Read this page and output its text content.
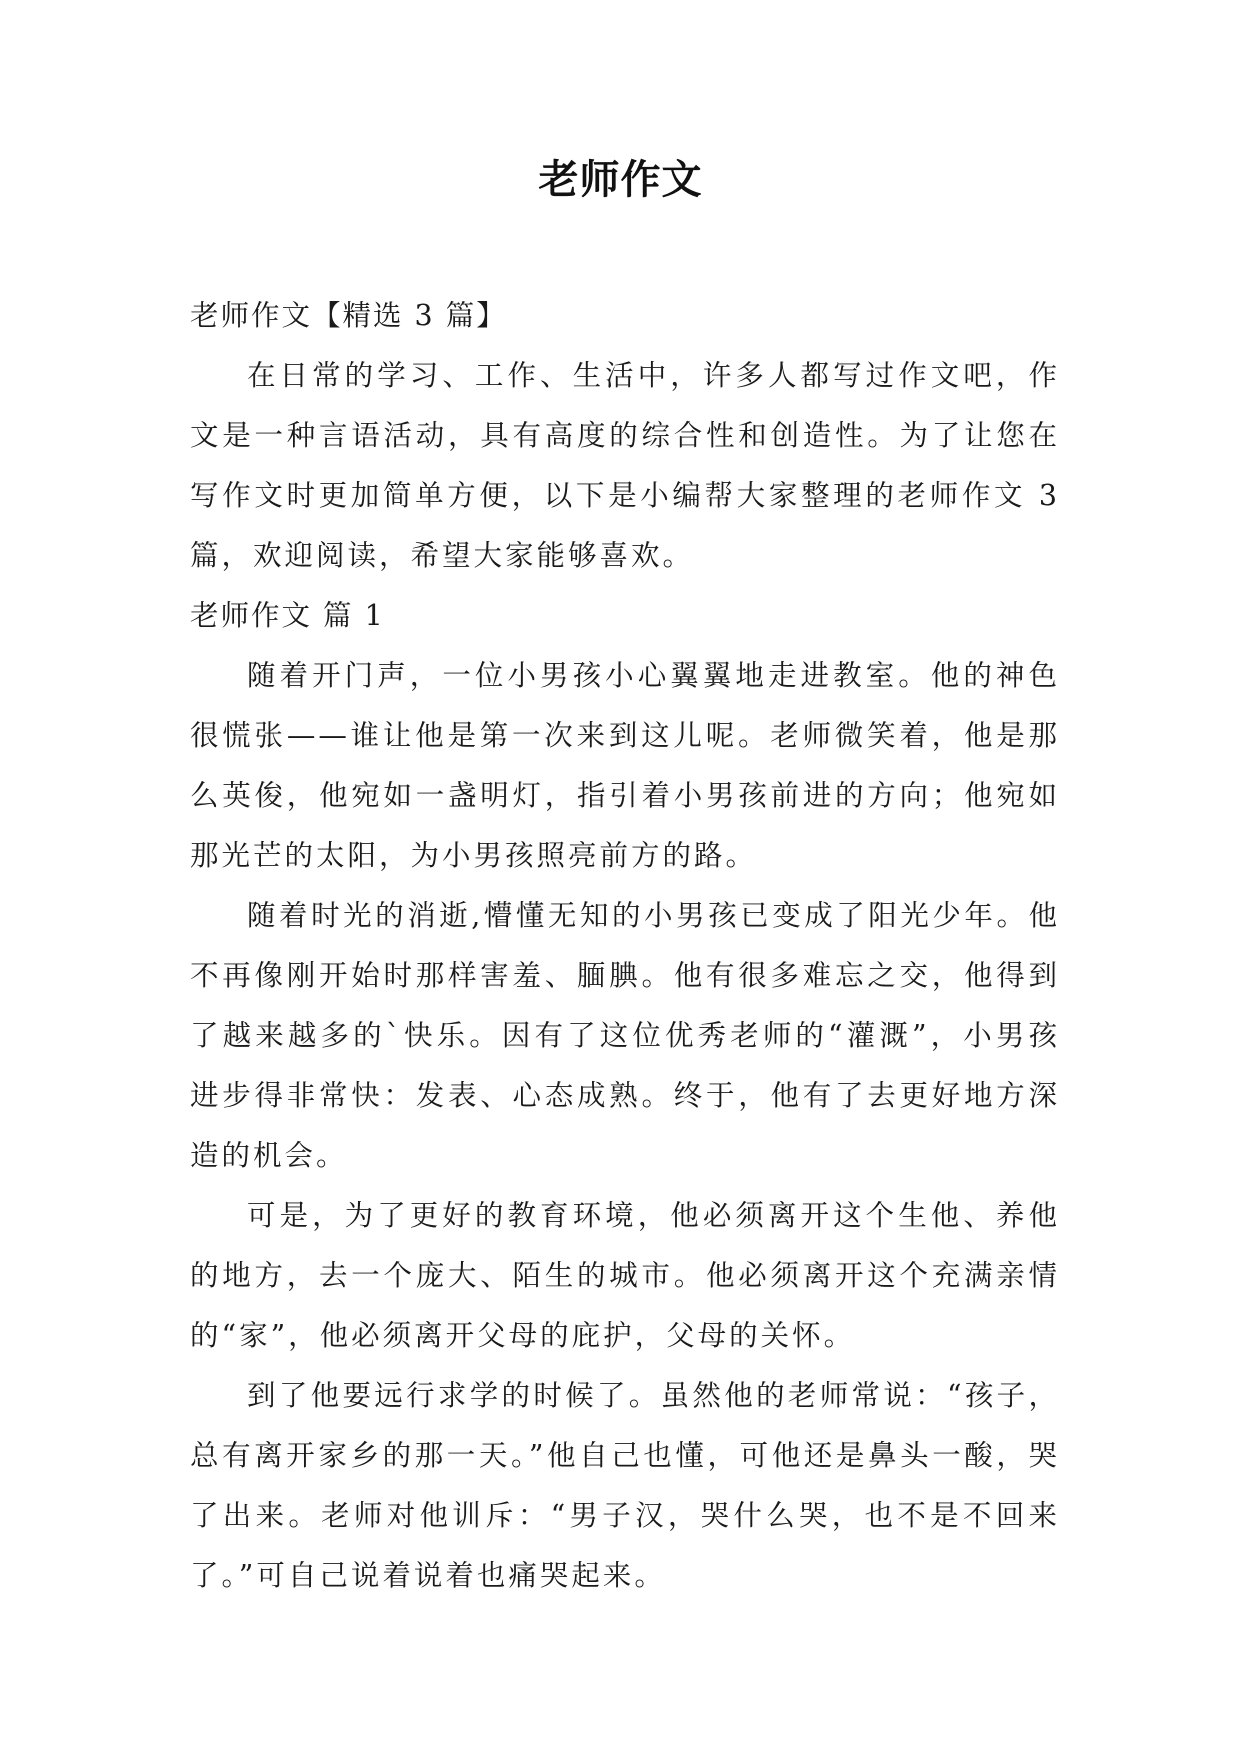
老师作文

老师作文【精选 3 篇】

在日常的学习、工作、生活中，许多人都写过作文吧，作文是一种言语活动，具有高度的综合性和创造性。为了让您在写作文时更加简单方便，以下是小编帮大家整理的老师作文 3 篇，欢迎阅读，希望大家能够喜欢。

老师作文 篇 1

随着开门声，一位小男孩小心翼翼地走进教室。他的神色很慌张——谁让他是第一次来到这儿呢。老师微笑着，他是那么英俊，他宛如一盏明灯，指引着小男孩前进的方向；他宛如那光芒的太阳，为小男孩照亮前方的路。

随着时光的消逝,懵懂无知的小男孩已变成了阳光少年。他不再像刚开始时那样害羞、腼腆。他有很多难忘之交，他得到了越来越多的`快乐。因有了这位优秀老师的“灌溉”，小男孩进步得非常快：发表、心态成熟。终于，他有了去更好地方深造的机会。

可是，为了更好的教育环境，他必须离开这个生他、养他的地方，去一个庞大、陌生的城市。他必须离开这个充满亲情的“家”，他必须离开父母的庇护，父母的关怀。

到了他要远行求学的时候了。虽然他的老师常说：“孩子，总有离开家乡的那一天。”他自己也懂，可他还是鼻头一酸，哭了出来。老师对他训斥：“男子汉，哭什么哭，也不是不回来了。”可自己说着说着也痛哭起来。
